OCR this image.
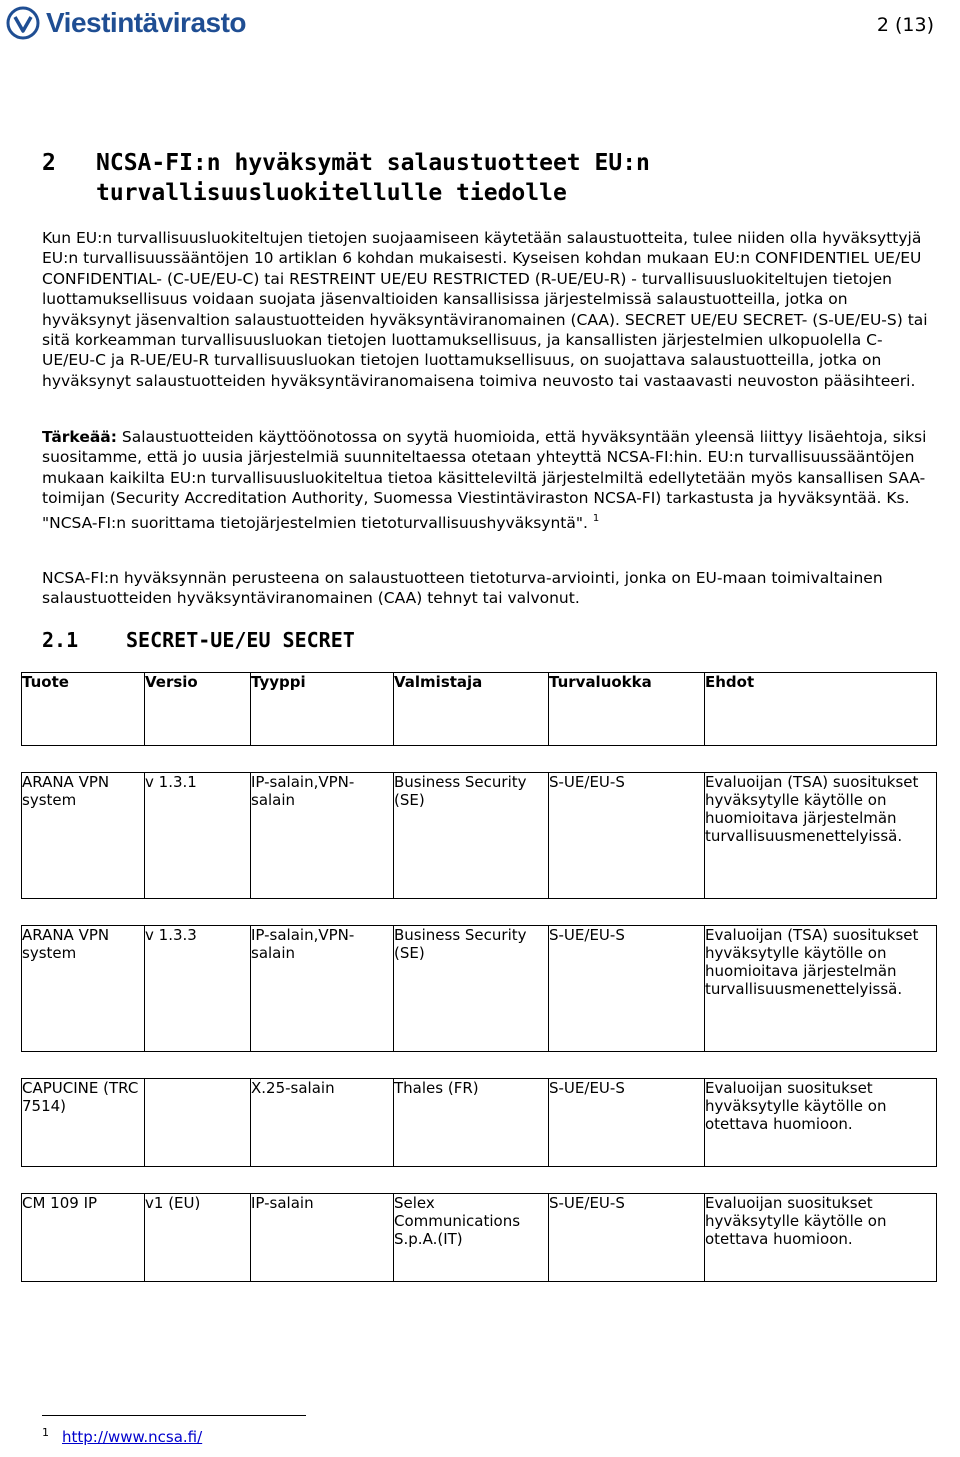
Viestintävirasto	2 (13)
2	NCSA-FI:n hyväksymät salaustuotteet EU:n turvallisuusluokitellulle tiedolle
Kun EU:n turvallisuusluokiteltujen tietojen suojaamiseen käytetään salaustuotteita, tulee niiden olla hyväksyttyjä EU:n turvallisuussääntöjen 10 artiklan 6 kohdan mukaisesti. Kyseisen kohdan mukaan EU:n CONFIDENTIEL UE/EU CONFIDENTIAL- (C-UE/EU-C) tai RESTREINT UE/EU RESTRICTED (R-UE/EU-R) - turvallisuusluokiteltujen tietojen luottamuksellisuus voidaan suojata jäsenvaltioiden kansallisissa järjestelmissä salaustuotteilla, jotka on hyväksynyt jäsenvaltion salaustuotteiden hyväksyntäviranomainen (CAA). SECRET UE/EU SECRET- (S-UE/EU-S) tai sitä korkeamman turvallisuusluokan tietojen luottamuksellisuus, ja kansallisten järjestelmien ulkopuolella C-UE/EU-C ja R-UE/EU-R turvallisuusluokan tietojen luottamuksellisuus, on suojattava salaustuotteilla, jotka on hyväksynyt salaustuotteiden hyväksyntäviranomaisena toimiva neuvosto tai vastaavasti neuvoston pääsihteeri.
Tärkeää: Salaustuotteiden käyttöönotossa on syytä huomioida, että hyväksyntään yleensä liittyy lisäehtoja, siksi suositamme, että jo uusia järjestelmiä suunniteltaessa otetaan yhteyttä NCSA-FI:hin. EU:n turvallisuussääntöjen mukaan kaikilta EU:n turvallisuusluokiteltua tietoa käsitteleviltä järjestelmiltä edellytetään myös kansallisen SAA-toimijan (Security Accreditation Authority, Suomessa Viestintäviraston NCSA-FI) tarkastusta ja hyväksyntää. Ks. "NCSA-FI:n suorittama tietojärjestelmien tietoturvallisuushyväksyntä". $^1$
NCSA-FI:n hyväksynnän perusteena on salaustuotteen tietoturva-arviointi, jonka on EU-maan toimivaltainen salaustuotteiden hyväksyntäviranomainen (CAA) tehnyt tai valvonut.
2.1	SECRET-UE/EU SECRET
Tuote	Versio	Tyyppi	Valmistaja	Turvaluokka	Ehdot

ARANA VPN system	v 1.3.1	IP-salain,VPN-salain	Business Security (SE)	S-UE/EU-S	Evaluoijan (TSA) suositukset hyväksytylle käytölle on huomioitava järjestelmän turvallisuusmenettelyissä.

ARANA VPN system	v 1.3.3	IP-salain,VPN-salain	Business Security (SE)	S-UE/EU-S	Evaluoijan (TSA) suositukset hyväksytylle käytölle on huomioitava järjestelmän turvallisuusmenettelyissä.

CAPUCINE (TRC 7514)		X.25-salain	Thales (FR)	S-UE/EU-S	Evaluoijan suositukset hyväksytylle käytölle on otettava huomioon.

CM 109 IP	v1 (EU)	IP-salain	Selex Communications S.p.A.(IT)	S-UE/EU-S	Evaluoijan suositukset hyväksytylle käytölle on otettava huomioon.
1 http://www.ncsa.fi/
